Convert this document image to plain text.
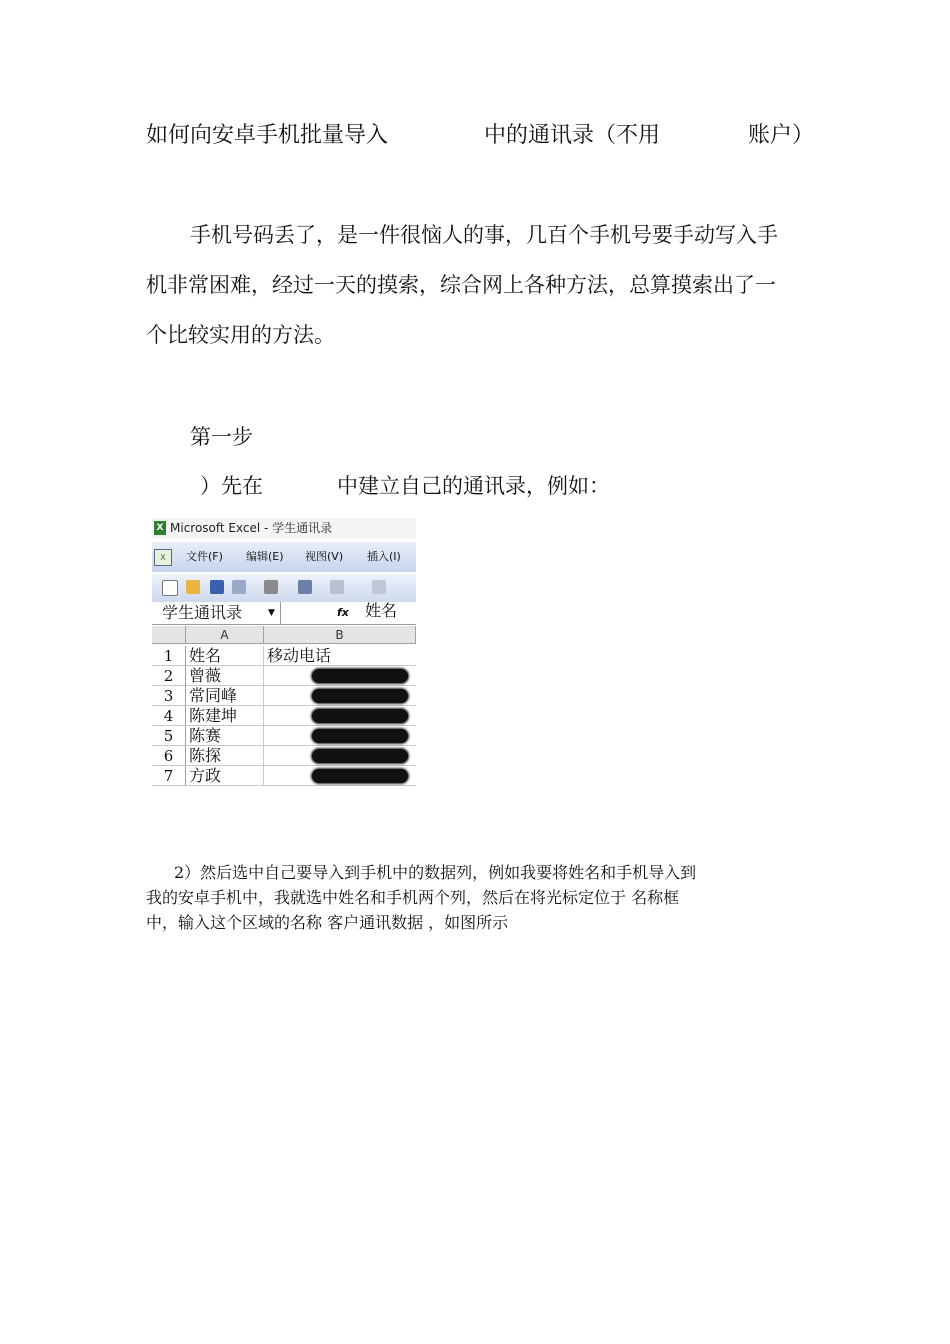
如何向安卓手机批量导入	中的通讯录（不用	账户）
手机号码丢了，是一件很恼人的事，几百个手机号要手动写入手
机非常困难，经过一天的摸索，综合网上各种方法，总算摸索出了一
个比较实用的方法。
第一步
）先在	中建立自己的通讯录，例如：
X Microsoft Excel - 学生通讯录
X	文件(F) 编辑(E) 视图(V) 插入(I)
学生通讯录	▼	fx 姓名
A	B
1 姓名	移动电话
2 曾薇
3 常同峰
4 陈建坤
5 陈赛
6 陈探
7 方政
2）然后选中自己要导入到手机中的数据列，例如我要将姓名和手机导入到
我的安卓手机中，我就选中姓名和手机两个列，然后在将光标定位于 名称框
中，输入这个区域的名称 客户通讯数据 ，如图所示
